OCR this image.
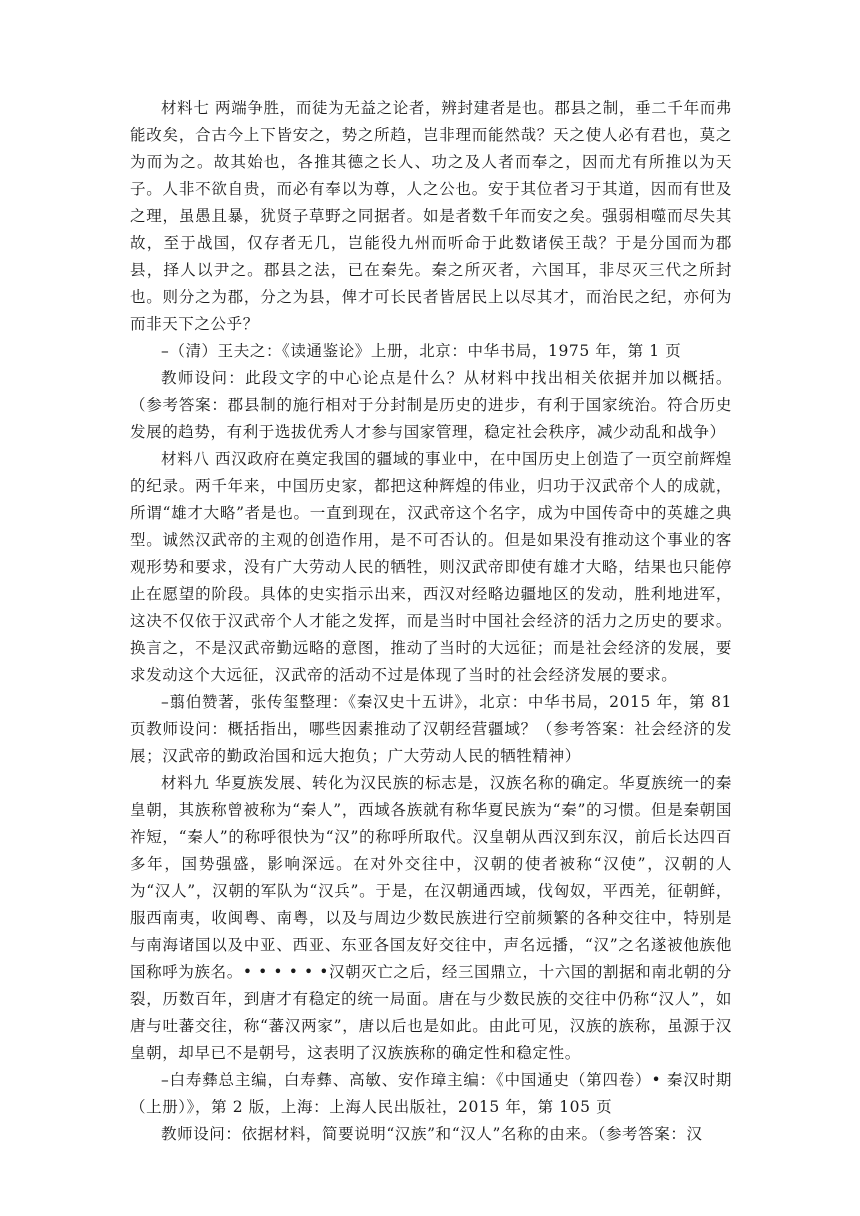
材料七 两端争胜，而徒为无益之论者，辨封建者是也。郡县之制，垂二千年而弗能改矣，合古今上下皆安之，势之所趋，岂非理而能然哉？天之使人必有君也，莫之为而为之。故其始也，各推其德之长人、功之及人者而奉之，因而尤有所推以为天子。人非不欲自贵，而必有奉以为尊，人之公也。安于其位者习于其道，因而有世及之理，虽愚且暴，犹贤子草野之同据者。如是者数千年而安之矣。强弱相噬而尽失其故，至于战国，仅存者无几，岂能役九州而听命于此数诸侯王哉？于是分国而为郡县，择人以尹之。郡县之法，已在秦先。秦之所灭者，六国耳，非尽灭三代之所封也。则分之为郡，分之为县，俾才可长民者皆居民上以尽其才，而治民之纪，亦何为而非天下之公乎？

–（清）王夫之：《读通鉴论》上册，北京：中华书局，1975 年，第 1 页

教师设问：此段文字的中心论点是什么？从材料中找出相关依据并加以概括。（参考答案：郡县制的施行相对于分封制是历史的进步，有利于国家统治。符合历史发展的趋势，有利于选拔优秀人才参与国家管理，稳定社会秩序，减少动乱和战争）

材料八 西汉政府在奠定我国的疆域的事业中，在中国历史上创造了一页空前辉煌的纪录。两千年来，中国历史家，都把这种辉煌的伟业，归功于汉武帝个人的成就，所谓“雄才大略”者是也。一直到现在，汉武帝这个名字，成为中国传奇中的英雄之典型。诚然汉武帝的主观的创造作用，是不可否认的。但是如果没有推动这个事业的客观形势和要求，没有广大劳动人民的牺牲，则汉武帝即使有雄才大略，结果也只能停止在愿望的阶段。具体的史实指示出来，西汉对经略边疆地区的发动，胜利地进军，这决不仅依于汉武帝个人才能之发挥，而是当时中国社会经济的活力之历史的要求。换言之，不是汉武帝勤远略的意图，推动了当时的大远征；而是社会经济的发展，要求发动这个大远征，汉武帝的活动不过是体现了当时的社会经济发展的要求。

–翦伯赞著，张传玺整理：《秦汉史十五讲》，北京：中华书局，2015 年，第 81 页教师设问：概括指出，哪些因素推动了汉朝经营疆域？（参考答案：社会经济的发展；汉武帝的勤政治国和远大抱负；广大劳动人民的牺牲精神）

材料九 华夏族发展、转化为汉民族的标志是，汉族名称的确定。华夏族统一的秦皇朝，其族称曾被称为“秦人”，西域各族就有称华夏民族为“秦”的习惯。但是秦朝国祚短，“秦人”的称呼很快为“汉”的称呼所取代。汉皇朝从西汉到东汉，前后长达四百多年，国势强盛，影响深远。在对外交往中，汉朝的使者被称“汉使”，汉朝的人为“汉人”，汉朝的军队为“汉兵”。于是，在汉朝通西域，伐匈奴，平西羌，征朝鲜，服西南夷，收闽粤、南粤，以及与周边少数民族进行空前频繁的各种交往中，特别是与南海诸国以及中亚、西亚、东亚各国友好交往中，声名远播，“汉”之名遂被他族他国称呼为族名。• • • • • •汉朝灭亡之后，经三国鼎立，十六国的割据和南北朝的分裂，历数百年，到唐才有稳定的统一局面。唐在与少数民族的交往中仍称“汉人”，如唐与吐蕃交往，称“蕃汉两家”，唐以后也是如此。由此可见，汉族的族称，虽源于汉皇朝，却早已不是朝号，这表明了汉族族称的确定性和稳定性。

–白寿彝总主编，白寿彝、高敏、安作璋主编：《中国通史（第四卷）• 秦汉时期（上册）》，第 2 版，上海：上海人民出版社，2015 年，第 105 页

教师设问：依据材料，简要说明“汉族”和“汉人”名称的由来。（参考答案：汉
